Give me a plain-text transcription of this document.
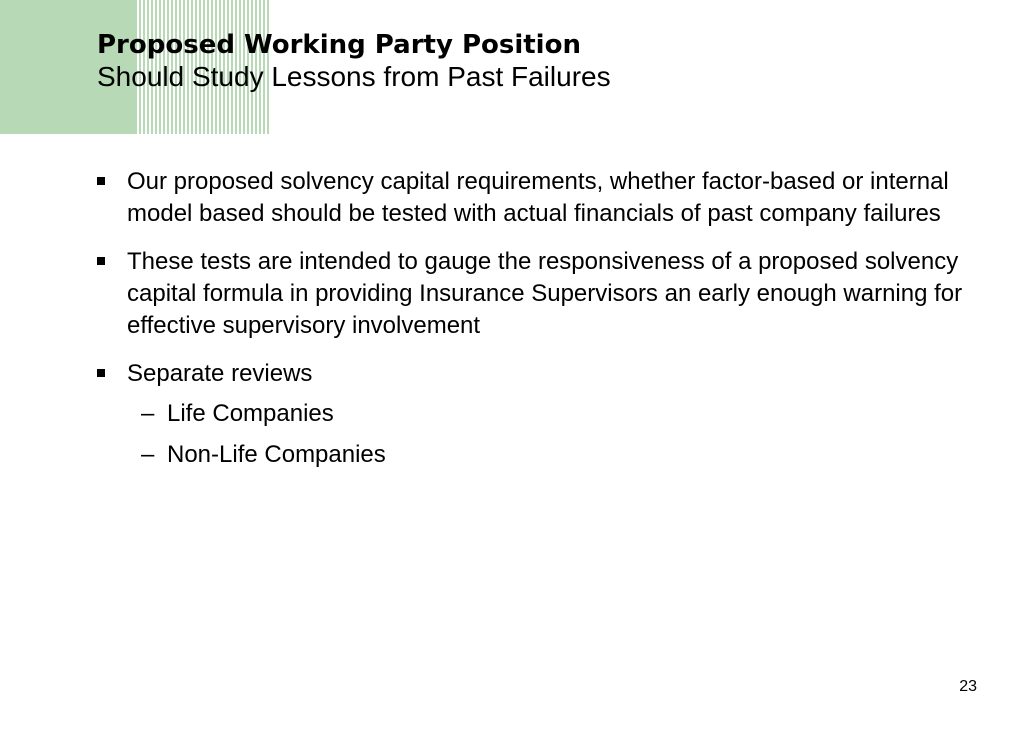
Proposed Working Party Position
Should Study Lessons from Past Failures
Our proposed solvency capital requirements, whether factor-based or internal model based should be tested with actual financials of past company failures
These tests are intended to gauge the responsiveness of a proposed solvency capital formula in providing Insurance Supervisors an early enough warning for effective supervisory involvement
Separate reviews
– Life Companies
– Non-Life Companies
23
